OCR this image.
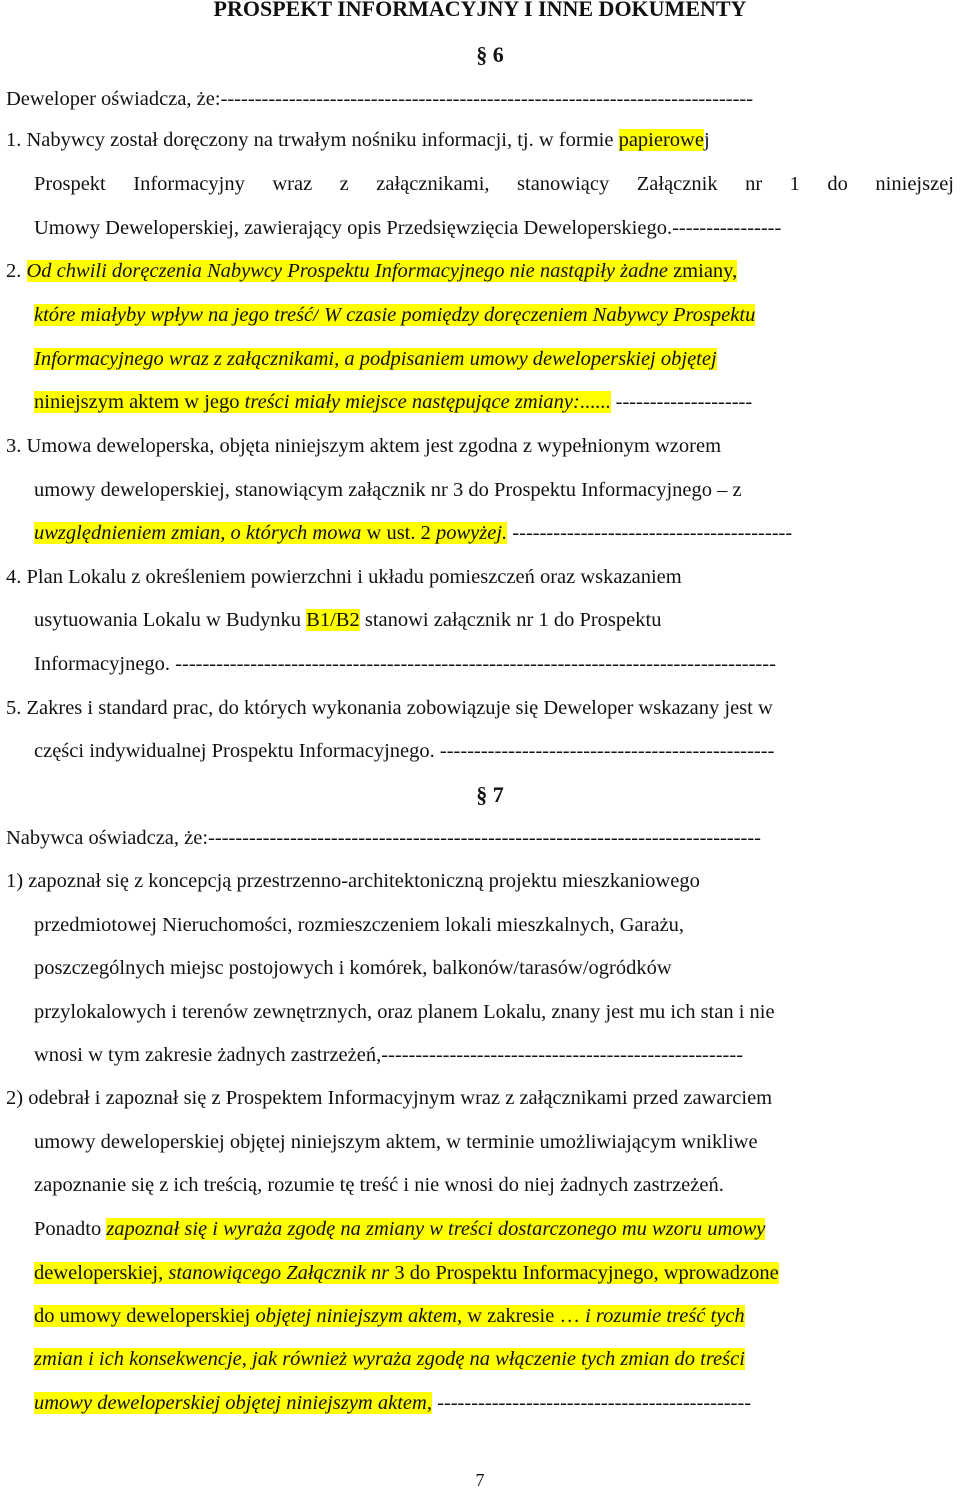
PROSPEKT INFORMACYJNY I INNE DOKUMENTY
§ 6
Deweloper oświadcza, że:------------------------------------------------------------------------------
1. Nabywcy został doręczony na trwałym nośniku informacji, tj. w formie papierowej
Prospekt Informacyjny wraz z załącznikami, stanowiący Załącznik nr 1 do niniejszej
Umowy Deweloperskiej, zawierający opis Przedsięwzięcia Deweloperskiego.----------------
2. Od chwili doręczenia Nabywcy Prospektu Informacyjnego nie nastąpiły żadne zmiany,
które miałyby wpływ na jego treść/ W czasie pomiędzy doręczeniem Nabywcy Prospektu
Informacyjnego wraz z załącznikami, a podpisaniem umowy deweloperskiej objętej
niniejszym aktem w jego treści miały miejsce następujące zmiany:...... --------------------
3. Umowa deweloperska, objęta niniejszym aktem jest zgodna z wypełnionym wzorem
umowy deweloperskiej, stanowiącym załącznik nr 3 do Prospektu Informacyjnego – z
uwzględnieniem zmian, o których mowa w ust. 2 powyżej. -----------------------------------------
4. Plan Lokalu z określeniem powierzchni i układu pomieszczeń oraz wskazaniem
usytuowania Lokalu w Budynku B1/B2 stanowi załącznik nr 1 do Prospektu
Informacyjnego. ----------------------------------------------------------------------------------------
5. Zakres i standard prac, do których wykonania zobowiązuje się Deweloper wskazany jest w
części indywidualnej Prospektu Informacyjnego. -------------------------------------------------
§ 7
Nabywca oświadcza, że:---------------------------------------------------------------------------------
1) zapoznał się z koncepcją przestrzenno-architektoniczną projektu mieszkaniowego
przedmiotowej Nieruchomości, rozmieszczeniem lokali mieszkalnych, Garażu,
poszczególnych miejsc postojowych i komórek, balkonów/tarasów/ogródków
przylokalowych i terenów zewnętrznych, oraz planem Lokalu, znany jest mu ich stan i nie
wnosi w tym zakresie żadnych zastrzeżeń,-----------------------------------------------------
2) odebrał i zapoznał się z Prospektem Informacyjnym wraz z załącznikami przed zawarciem
umowy deweloperskiej objętej niniejszym aktem, w terminie umożliwiającym wnikliwe
zapoznanie się z ich treścią, rozumie tę treść i nie wnosi do niej żadnych zastrzeżeń.
Ponadto zapoznał się i wyraża zgodę na zmiany w treści dostarczonego mu wzoru umowy
deweloperskiej, stanowiącego Załącznik nr 3 do Prospektu Informacyjnego, wprowadzone
do umowy deweloperskiej objętej niniejszym aktem, w zakresie … i rozumie treść tych
zmian i ich konsekwencje, jak również wyraża zgodę na włączenie tych zmian do treści
umowy deweloperskiej objętej niniejszym aktem, ----------------------------------------------
7
